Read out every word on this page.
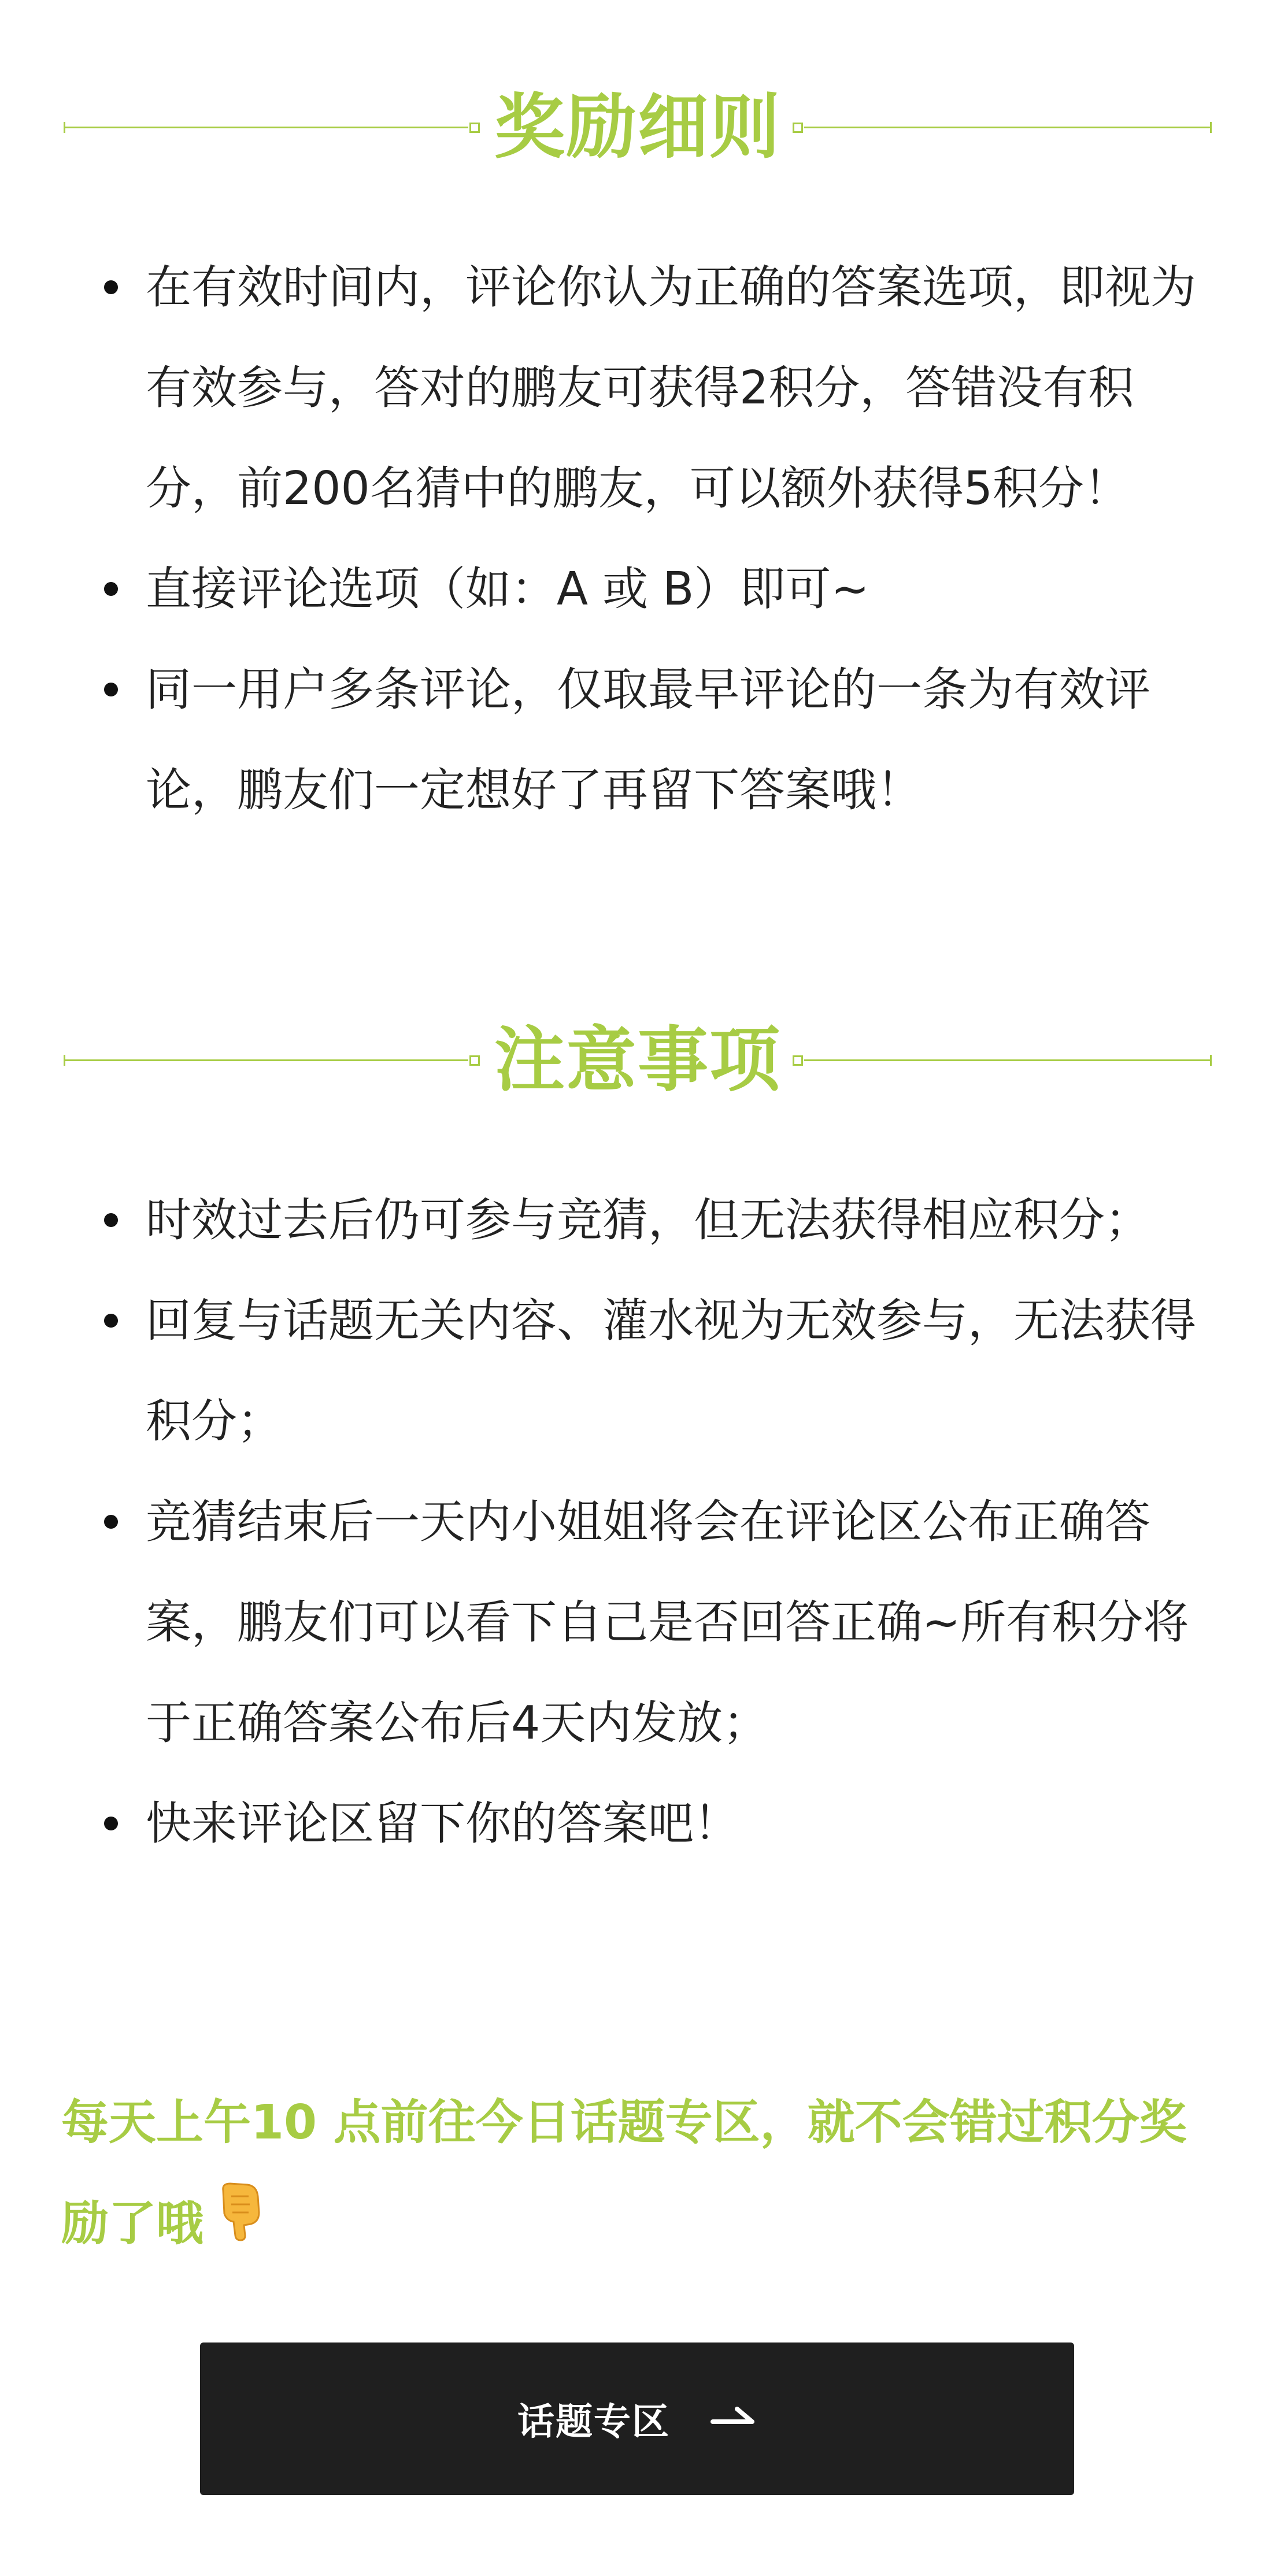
奖励细则
在有效时间内，评论你认为正确的答案选项，即视为有效参与，答对的鹏友可获得2积分，答错没有积分，前200名猜中的鹏友，可以额外获得5积分！
直接评论选项（如：A 或 B）即可~
同一用户多条评论，仅取最早评论的一条为有效评论，鹏友们一定想好了再留下答案哦！
注意事项
时效过去后仍可参与竞猜，但无法获得相应积分；
回复与话题无关内容、灌水视为无效参与，无法获得积分；
竞猜结束后一天内小姐姐将会在评论区公布正确答案，鹏友们可以看下自己是否回答正确~所有积分将于正确答案公布后4天内发放；
快来评论区留下你的答案吧！
每天上午10 点前往今日话题专区，就不会错过积分奖励了哦
话题专区
